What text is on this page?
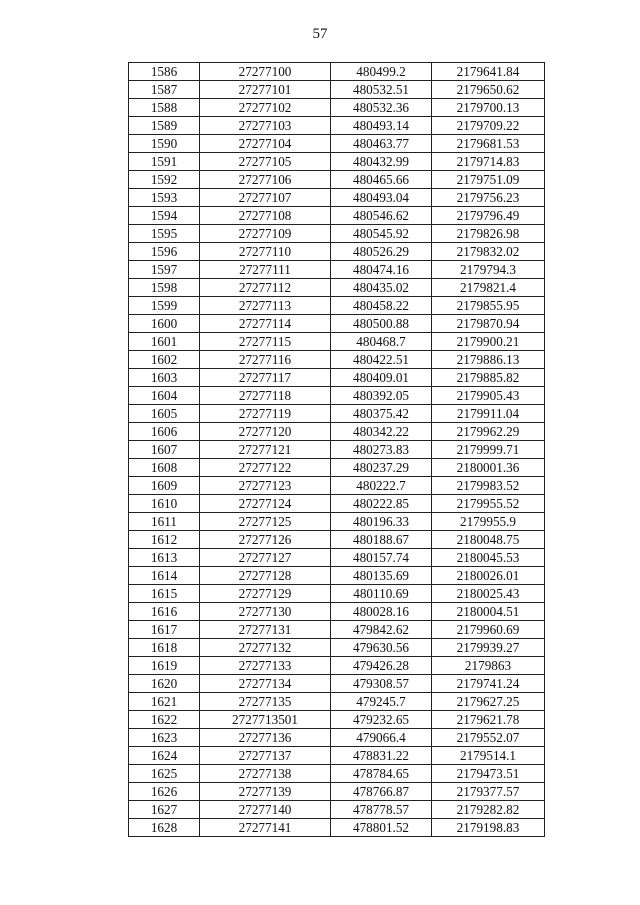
57
1586	27277100	480499.2	2179641.84
1587	27277101	480532.51	2179650.62
1588	27277102	480532.36	2179700.13
1589	27277103	480493.14	2179709.22
1590	27277104	480463.77	2179681.53
1591	27277105	480432.99	2179714.83
1592	27277106	480465.66	2179751.09
1593	27277107	480493.04	2179756.23
1594	27277108	480546.62	2179796.49
1595	27277109	480545.92	2179826.98
1596	27277110	480526.29	2179832.02
1597	27277111	480474.16	2179794.3
1598	27277112	480435.02	2179821.4
1599	27277113	480458.22	2179855.95
1600	27277114	480500.88	2179870.94
1601	27277115	480468.7	2179900.21
1602	27277116	480422.51	2179886.13
1603	27277117	480409.01	2179885.82
1604	27277118	480392.05	2179905.43
1605	27277119	480375.42	2179911.04
1606	27277120	480342.22	2179962.29
1607	27277121	480273.83	2179999.71
1608	27277122	480237.29	2180001.36
1609	27277123	480222.7	2179983.52
1610	27277124	480222.85	2179955.52
1611	27277125	480196.33	2179955.9
1612	27277126	480188.67	2180048.75
1613	27277127	480157.74	2180045.53
1614	27277128	480135.69	2180026.01
1615	27277129	480110.69	2180025.43
1616	27277130	480028.16	2180004.51
1617	27277131	479842.62	2179960.69
1618	27277132	479630.56	2179939.27
1619	27277133	479426.28	2179863
1620	27277134	479308.57	2179741.24
1621	27277135	479245.7	2179627.25
1622	2727713501	479232.65	2179621.78
1623	27277136	479066.4	2179552.07
1624	27277137	478831.22	2179514.1
1625	27277138	478784.65	2179473.51
1626	27277139	478766.87	2179377.57
1627	27277140	478778.57	2179282.82
1628	27277141	478801.52	2179198.83
